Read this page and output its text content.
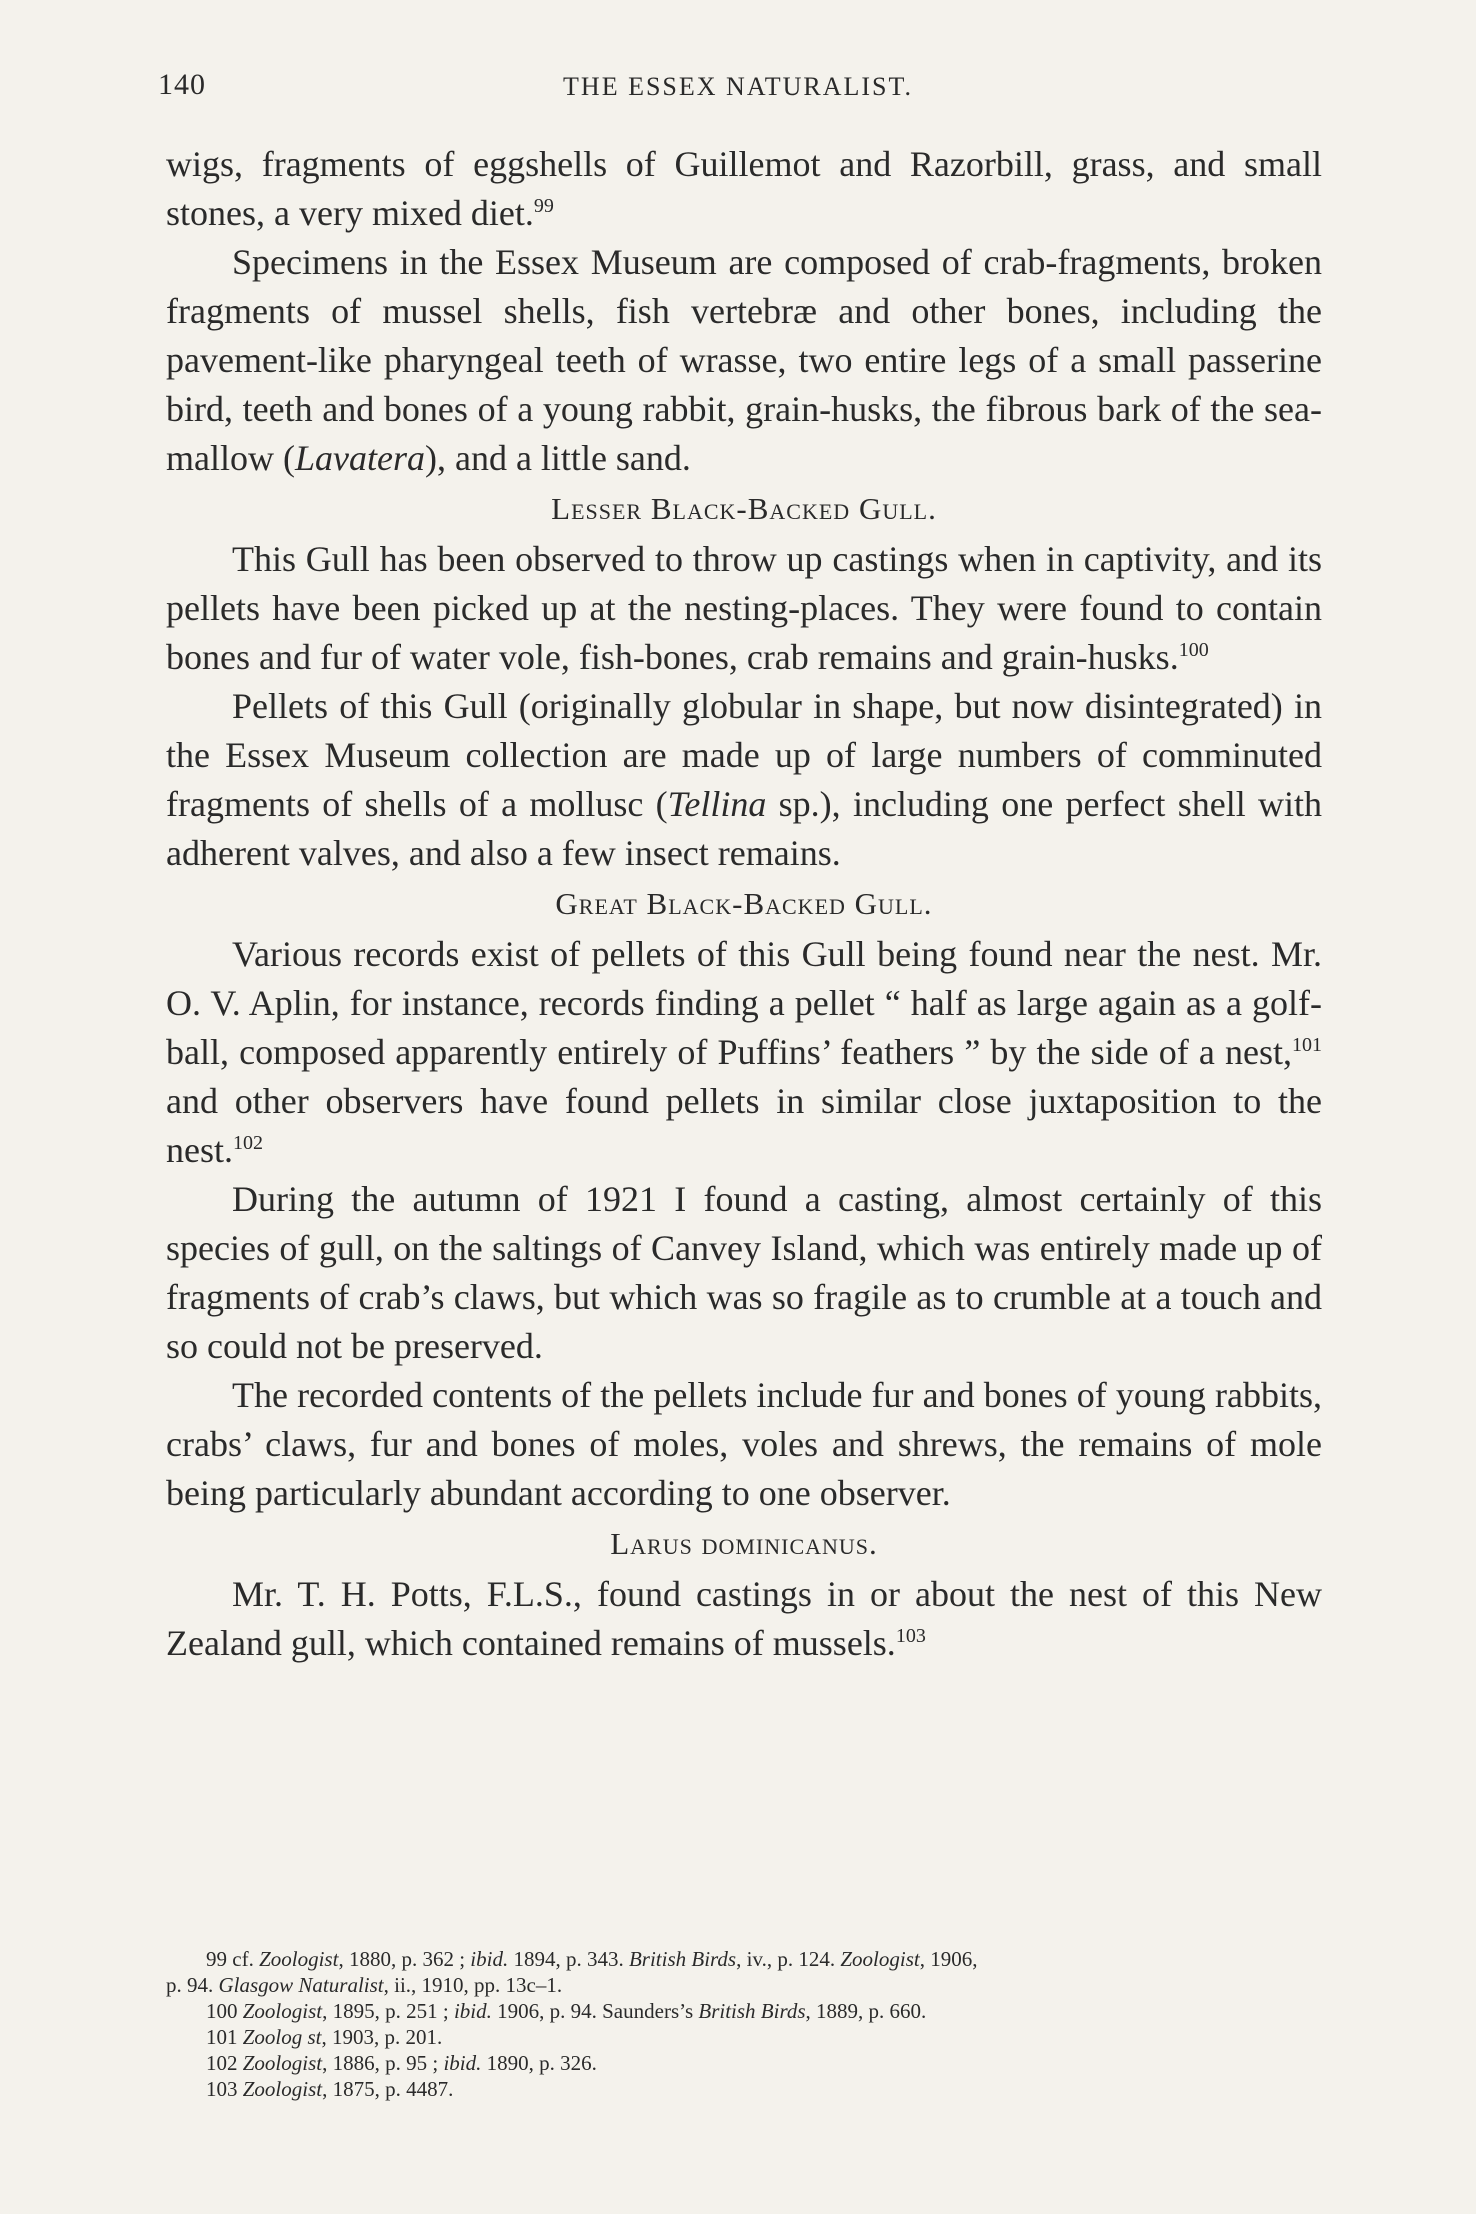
140	THE ESSEX NATURALIST.

wigs, fragments of eggshells of Guillemot and Razorbill, grass, and small stones, a very mixed diet.$^{99}$

Specimens in the Essex Museum are composed of crab-fragments, broken fragments of mussel shells, fish vertebræ and other bones, including the pavement-like pharyngeal teeth of wrasse, two entire legs of a small passerine bird, teeth and bones of a young rabbit, grain-husks, the fibrous bark of the sea-mallow (Lavatera), and a little sand.

Lesser Black-Backed Gull.

This Gull has been observed to throw up castings when in captivity, and its pellets have been picked up at the nesting-places. They were found to contain bones and fur of water vole, fish-bones, crab remains and grain-husks.$^{100}$

Pellets of this Gull (originally globular in shape, but now disintegrated) in the Essex Museum collection are made up of large numbers of comminuted fragments of shells of a mollusc (Tellina sp.), including one perfect shell with adherent valves, and also a few insect remains.

Great Black-Backed Gull.

Various records exist of pellets of this Gull being found near the nest. Mr. O. V. Aplin, for instance, records finding a pellet “ half as large again as a golf-ball, composed apparently entirely of Puffins’ feathers ” by the side of a nest,$^{101}$ and other observers have found pellets in similar close juxtaposition to the nest.$^{102}$

During the autumn of 1921 I found a casting, almost certainly of this species of gull, on the saltings of Canvey Island, which was entirely made up of fragments of crab’s claws, but which was so fragile as to crumble at a touch and so could not be preserved.

The recorded contents of the pellets include fur and bones of young rabbits, crabs’ claws, fur and bones of moles, voles and shrews, the remains of mole being particularly abundant according to one observer.

Larus dominicanus.

Mr. T. H. Potts, F.L.S., found castings in or about the nest of this New Zealand gull, which contained remains of mussels.$^{103}$

99 cf. Zoologist, 1880, p. 362 ; ibid. 1894, p. 343. British Birds, iv., p. 124. Zoologist, 1906,

p. 94. Glasgow Naturalist, ii., 1910, pp. 13c–1.

100 Zoologist, 1895, p. 251 ; ibid. 1906, p. 94. Saunders’s British Birds, 1889, p. 660.

101 Zoolog st, 1903, p. 201.

102 Zoologist, 1886, p. 95 ; ibid. 1890, p. 326.

103 Zoologist, 1875, p. 4487.
